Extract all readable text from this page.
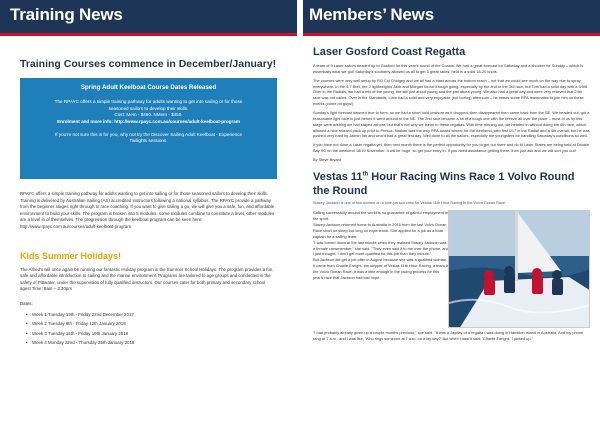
Training News
Training Courses commence in December/January!
Spring Adult Keelboat Course Dates Released

The RPAYC offers a simple training pathway for adults wanting to get into sailing or for those

seasoned sailors to develop their skills.

Cost: Mem - $490. NMem - $450.

Enrolment and more info: http://www.rpayc.com.au/courses/adult-keelboat-program

If you're not sure this is for you, why not try the Discover Sailing Adult Keelboat - Experience

Twilights sessions.

RPAYC offers a simple training pathway for adults wanting to get into sailing or for those seasoned sailors to develop their skills. Training is delivered by Australian Sailing (AS) accredited instructors following a national syllabus. The RPAYC provide a pathway from the beginner stages right through to race coaching. If you want to give sailing a go, we will give you a safe, fun, and affordable environment to build your skills. The program is broken into 5 modules, some modules combine to constitute a level, other modules are a level in of themselves. The progression through the keelboat program can be seen here: http://www.rpayc.com.au/courses/adult-keelboat-program

Kids Summer Holidays!

The Alfred's will once again be running our fantastic Holiday program in the Summer School Holidays. The program provides a fun, safe and affordable introduction to sailing and the marine environment. Programs are tailored to age groups and conducted in the safety of Pittwater, under the supervision of fully qualified instructors. Our courses cater for both primary and secondary school ages! Time: 9am – 3.30pm

Dates:
• Week 1 Tuesday 19th - Friday 22nd December 2017
• Week 2 Tuesday 9th - Friday 12th January 2018
• Week 3 Tuesday 16th - Friday 19th January 2018
• Week 4 Monday 22nd - Thursday 25th January 2018
Members’ News
Laser Gosford Coast Regatta

A team of 9 Laser sailors headed up to Gosford for this year's round of the Coasts. We had a great forecast for Saturday and a shocker for Sunday – which is essentially what we got! Saturday's southerly allowed us all to get 3 great races, held in a solid 18-20 knots.

The courses were very well setup by RO Col Chidgey and we all had a blast across the bottom reach – not that we could see much on the way due to spray everywhere. In the 4.7 fleet, the 2 lightweights Jack and Morgan found it tough going, especially by the end of the 3rd race, but Tom had a solid day with a 5/5/6. Over in the Radials, we had a mix of the young, the still just about young and the just about young. We also had a great day and were very relieved that 24th race was not called. Over in the Standards, Liam had a solid and very enjoyable (but boring) afternoon – he needs some RPA teammates to join him on these events (come on guys!)

Sunday's light forecast dawned true to form, so we had a short hold onshore as it dropped, then disappeared then came back from the SE. We headed out, got a reasonable light race in just before it went around to the NE. The 2nd race became a bit of a tough one with the breeze all over the place – most of us by this stage were wishing we had stayed ashore, but that's not why we travel to these regattas. With time running out, we headed in without doing the 6th race, which allowed a nice relaxed pack up prior to Presos. Nathan was the only RPA award winner for the weekend, with first U17 in the Radial and a 4th overall, but he was pushed very hard by Jaimin 5th and who'd had a great first day. Well done to all the sailors, especially the youngsters for handling Saturday's conditions so well.

If you have not done a Laser regatta yet, then next month there is the perfect opportunity for you to get out there and do it! Laser States are being held at Double Bay SC on the weekend 18/19 November. It will be huge, so get your entry in. If you need assistance getting there, then just ask and we will sort you out!

By Steve Bryant

Vestas 11th Hour Racing Wins Race 1 Volvo Round the Round
Stacey Jackson is one of two women on a nine-person crew for Vestas 11th Hour Racing in the Volvo Ocean Race

Sailing successfully around the world is no guarantee of gainful employment in the sport.

Stacey Jackson returned home to Australia in 2015 from the last Volvo Ocean Race short on sleep but long on experience. She applied for a job as a boat captain for a sailing team.

"I was turned down at the last minute when they realised Stacey Jackson was a female crewmember," she said. "They even said it to me over the phone, and I just thought, I don't get more qualified for this job than they minute."

But Jackson did get a job offer in August because she was a qualified woman. It came from Charlie Enright, the skipper of Vestas 11th Hour Racing, a team in the Volvo Ocean Race. It was a little enough in the racing process for this year's race that Jackson had lost hope.

"I had probably already given up a couple months previous," she said. "It was a Jayday of a regatta I was doing in Hamilton Island in Australia. And my phone rang at 7 a.m., and I was like, 'Who rings someone at 7 a.m. on a lay day?' But when I saw it said, 'Charlie Enright,' I picked up."
